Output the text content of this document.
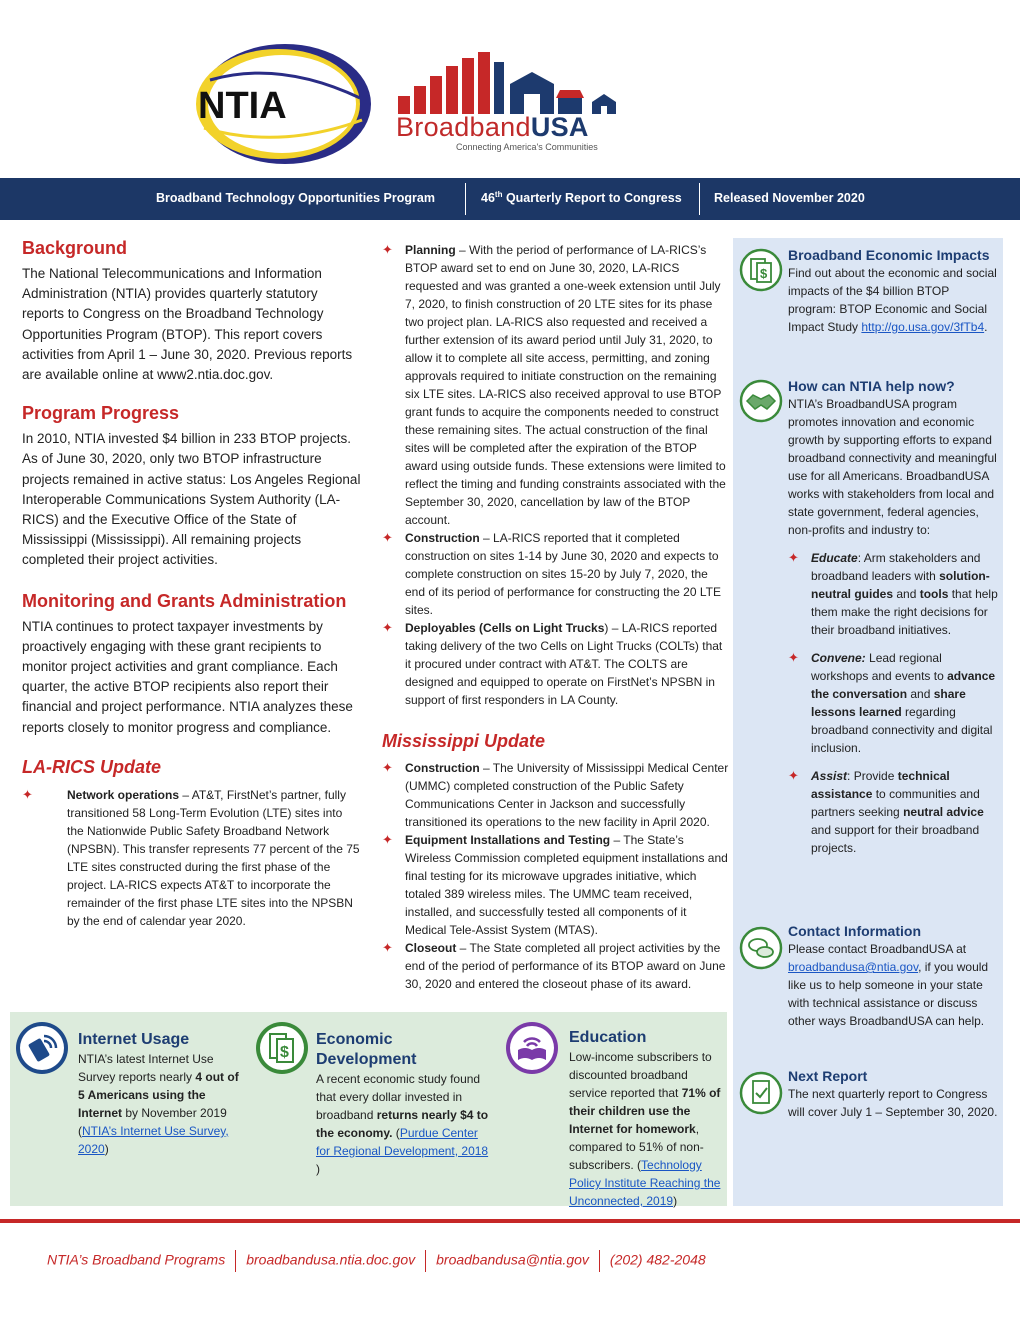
NTIA	BroadbandUSA
Connecting America's Communities
Broadband Technology Opportunities Program	46th Quarterly Report to Congress	Released November 2020
Background
The National Telecommunications and Information Administration (NTIA) provides quarterly statutory reports to Congress on the Broadband Technology Opportunities Program (BTOP). This report covers activities from April 1 – June 30, 2020. Previous reports are available online at www2.ntia.doc.gov.
Program Progress
In 2010, NTIA invested $4 billion in 233 BTOP projects. As of June 30, 2020, only two BTOP infrastructure projects remained in active status: Los Angeles Regional Interoperable Communications System Authority (LA-RICS) and the Executive Office of the State of Mississippi (Mississippi). All remaining projects completed their project activities.
Monitoring and Grants Administration
NTIA continues to protect taxpayer investments by proactively engaging with these grant recipients to monitor project activities and grant compliance. Each quarter, the active BTOP recipients also report their financial and project performance. NTIA analyzes these reports closely to monitor progress and compliance.
LA-RICS Update
✦	Network operations – AT&T, FirstNet’s partner, fully transitioned 58 Long-Term Evolution (LTE) sites into the Nationwide Public Safety Broadband Network (NPSBN). This transfer represents 77 percent of the 75 LTE sites constructed during the first phase of the project. LA-RICS expects AT&T to incorporate the remainder of the first phase LTE sites into the NPSBN by the end of calendar year 2020.
✦ Planning – With the period of performance of LA-RICS’s BTOP award set to end on June 30, 2020, LA-RICS requested and was granted a one-week extension until July 7, 2020, to finish construction of 20 LTE sites for its phase two project plan. LA-RICS also requested and received a further extension of its award period until July 31, 2020, to allow it to complete all site access, permitting, and zoning approvals required to initiate construction on the remaining six LTE sites. LA-RICS also received approval to use BTOP grant funds to acquire the components needed to construct these remaining sites. The actual construction of the final sites will be completed after the expiration of the BTOP award using outside funds. These extensions were limited to reflect the timing and funding constraints associated with the September 30, 2020, cancellation by law of the BTOP account.
✦ Construction – LA-RICS reported that it completed construction on sites 1-14 by June 30, 2020 and expects to complete construction on sites 15-20 by July 7, 2020, the end of its period of performance for constructing the 20 LTE sites.
✦ Deployables (Cells on Light Trucks) – LA-RICS reported taking delivery of the two Cells on Light Trucks (COLTs) that it procured under contract with AT&T. The COLTS are designed and equipped to operate on FirstNet’s NPSBN in support of first responders in LA County.
Mississippi Update
✦ Construction – The University of Mississippi Medical Center (UMMC) completed construction of the Public Safety Communications Center in Jackson and successfully transitioned its operations to the new facility in April 2020.
✦ Equipment Installations and Testing – The State’s Wireless Commission completed equipment installations and final testing for its microwave upgrades initiative, which totaled 389 wireless miles. The UMMC team received, installed, and successfully tested all components of it Medical Tele-Assist System (MTAS).
✦ Closeout – The State completed all project activities by the end of the period of performance of its BTOP award on June 30, 2020 and entered the closeout phase of its award.
$
Broadband Economic Impacts
Find out about the economic and social impacts of the $4 billion BTOP program: BTOP Economic and Social Impact Study http://go.usa.gov/3fTb4.
How can NTIA help now?
NTIA’s BroadbandUSA program promotes innovation and economic growth by supporting efforts to expand broadband connectivity and meaningful use for all Americans. BroadbandUSA works with stakeholders from local and state government, federal agencies, non-profits and industry to:
✦ Educate: Arm stakeholders and broadband leaders with solution-neutral guides and tools that help them make the right decisions for their broadband initiatives.
✦ Convene: Lead regional workshops and events to advance the conversation and share lessons learned regarding broadband connectivity and digital inclusion.
✦ Assist: Provide technical assistance to communities and partners seeking neutral advice and support for their broadband projects.
Contact Information
Please contact BroadbandUSA at broadbandusa@ntia.gov, if you would like us to help someone in your state with technical assistance or discuss other ways BroadbandUSA can help.
Next Report
The next quarterly report to Congress will cover July 1 – September 30, 2020.
Internet Usage
NTIA’s latest Internet Use Survey reports nearly 4 out of 5 Americans using the Internet by November 2019 (NTIA’s Internet Use Survey, 2020)
$
Economic Development
A recent economic study found that every dollar invested in broadband returns nearly $4 to the economy. (Purdue Center for Regional Development, 2018 )
Education
Low-income subscribers to discounted broadband service reported that 71% of their children use the Internet for homework, compared to 51% of non-subscribers. (Technology Policy Institute Reaching the Unconnected, 2019)
NTIA’s Broadband Programs broadbandusa.ntia.doc.gov broadbandusa@ntia.gov (202) 482-2048
